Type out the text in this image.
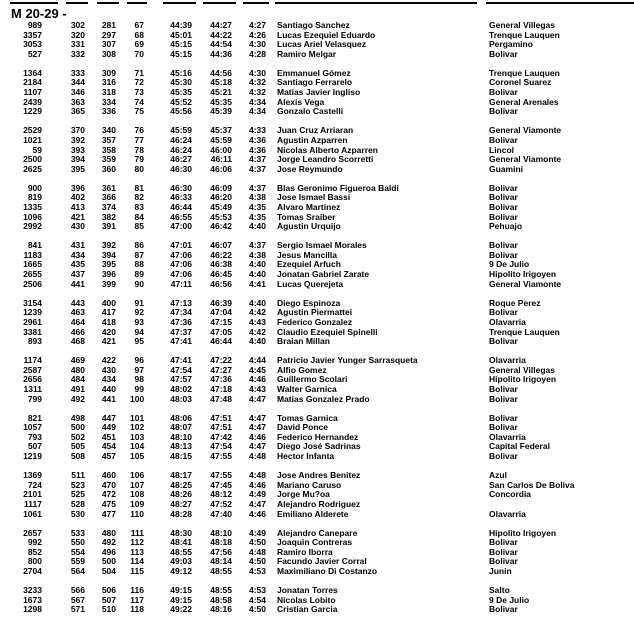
M 20-29 -
989	302 281	67	44:39 44:27 4:27 Santiago Sanchez	General Villegas
3357	320 297	68	45:01 44:22 4:26 Lucas Ezequiel Eduardo	Trenque Lauquen
3053	331 307	69	45:15 44:54 4:30 Lucas Ariel Velasquez	Pergamino
527	332 308	70	45:15 44:36 4:28 Ramiro Melgar	Bolivar
1364	333 309	71	45:16 44:56 4:30 Emmanuel Gómez	Trenque Lauquen
2184	344 316	72	45:30 45:18 4:32 Santiago Ferrarelo	Coronel Suarez
1107	346 318	73	45:35 45:21 4:32 Matias Javier Ingliso	Bolivar
2439	363 334	74	45:52 45:35 4:34 Alexis Vega	General Arenales
1229	365 336	75	45:56 45:39 4:34 Gonzalo Castelli	Bolivar
2529	370 340	76	45:59 45:37 4:33 Juan Cruz Arriaran	General Viamonte
1021	392 357	77	46:24 45:59 4:36 Agustin Azparren	Bolivar
59	393 358	78	46:24 46:00 4:36 Nicolas Alberto Azparren	Lincol
2500	394 359	79	46:27	46:11 4:37 Jorge Leandro Scorretti	General Viamonte
2625	395 360	80	46:30 46:06 4:37 Jose Reymundo	Guamini
900	396 361	81	46:30 46:09 4:37 Blas Geronimo Figueroa Baldi	Bolivar
819	402 366	82	46:33 46:20 4:38 Jose Ismael Bassi	Bolivar
1335	413 374	83	46:44 45:49 4:35 Alvaro Martinez	Bolivar
1096	421 382	84	46:55 45:53 4:35 Tomas Sraiber	Bolivar
2992	430 391	85	47:00 46:42 4:40 Agustin Urquijo	Pehuajo
841	431 392	86	47:01 46:07 4:37 Sergio Ismael Morales	Bolivar
1183	434 394	87	47:06 46:22 4:38 Jesus Mancilla	Bolivar
1665	435 395	88	47:06 46:38 4:40 Ezequiel Arfuch	9 De Julio
2655	437 396	89	47:06 46:45 4:40 Jonatan Gabriel Zarate	Hipolito Irigoyen
2506	441 399	90	47:11 46:56 4:41 Lucas Querejeta	General Viamonte
3154	443 400	91	47:13 46:39 4:40 Diego Espinoza	Roque Perez
1239	463 417	92	47:34 47:04 4:42 Agustin Piermattei	Bolivar
2961	464 418	93	47:36 47:15 4:43 Federico Gonzalez	Olavarria
3381	466 420	94	47:37 47:05 4:42 Claudio Ezequiel Spinelli	Trenque Lauquen
893	468 421	95	47:41 46:44 4:40 Braian Millan	Bolivar
1174	469 422	96	47:41 47:22 4:44 Patricio Javier Yunger Sarrasqueta	Olavarria
2587	480 430	97	47:54 47:27 4:45 Alfio Gomez	General Villegas
2656	484 434	98	47:57 47:36 4:46 Guillermo Scolari	Hipolito Irigoyen
1311	491 440	99	48:02 47:18 4:43 Walter Garnica	Bolivar
799	492 441 100	48:03 47:48 4:47 Matias Gonzalez Prado	Bolivar
821	498 447 101	48:06 47:51 4:47 Tomas Garnica	Bolivar
1057	500 449 102	48:07 47:51 4:47 David Ponce	Bolivar
793	502 451 103	48:10 47:42 4:46 Federico Hernandez	Olavarria
507	505 454 104	48:13 47:54 4:47 Diego José Sadrinas	Capital Federal
1219	508 457 105	48:15 47:55 4:48 Hector Infanta	Bolivar
1369	511 460 106	48:17 47:55 4:48 Jose Andres Benitez	Azul
724	523 470 107	48:25 47:45 4:46 Mariano Caruso	San Carlos De Boliva
2101	525 472 108	48:26 48:12 4:49 Jorge Mu?oa	Concordia
1117	528 475 109	48:27 47:52 4:47 Alejandro Rodriguez
1061	530 477 110	48:28 47:40 4:46 Emiliano Alderete	Olavarria
2657	533 480 111	48:30 48:10 4:49 Alejandro Canepare	Hipolito Irigoyen
992	550 492 112	48:41 48:18 4:50 Joaquin Contreras	Bolivar
852	554 496 113	48:55 47:56 4:48 Ramiro Iborra	Bolivar
800	559 500 114	49:03 48:14 4:50 Facundo Javier Corral	Bolivar
2704	564 504 115	49:12 48:55 4:53 Maximiliano Di Costanzo	Junin
3233	566 506 116	49:15 48:55 4:53 Jonatan Torres	Salto
1673	567 507 117	49:15 48:58 4:54 Nicolas Lobito	9 De Julio
1298	571 510 118	49:22 48:16 4:50 Cristian Garcia	Bolivar
